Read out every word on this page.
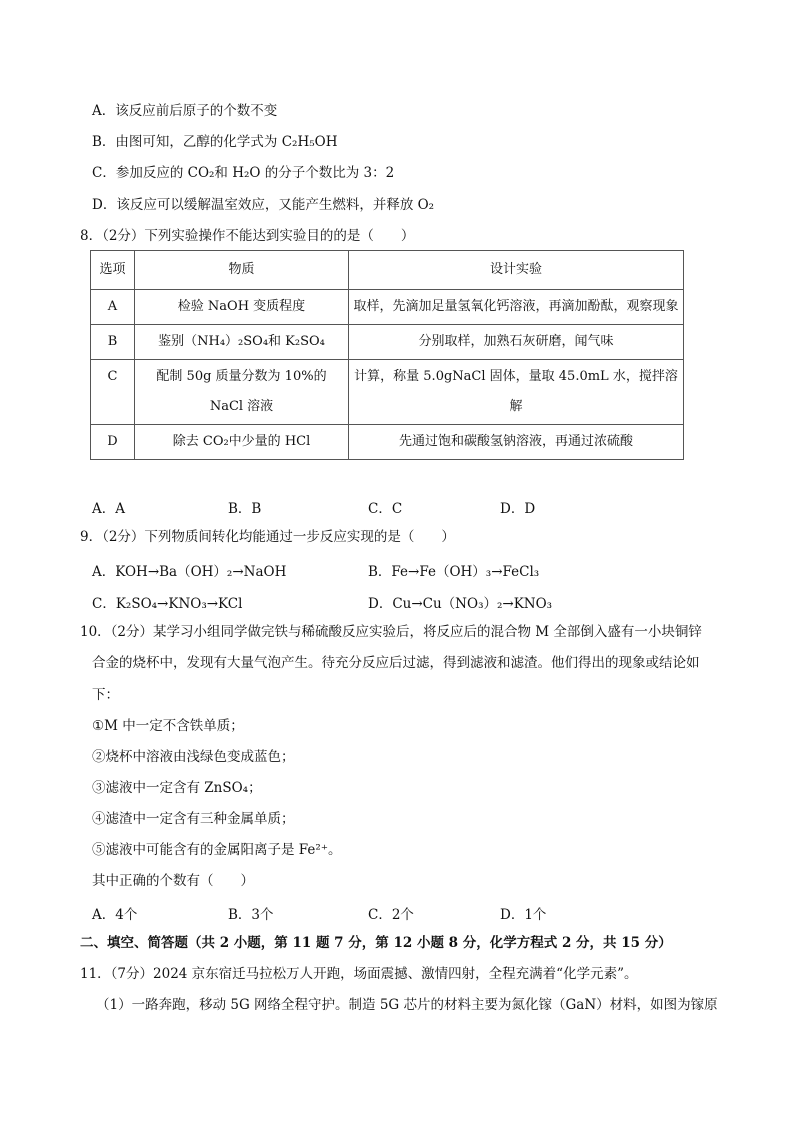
A．该反应前后原子的个数不变
B．由图可知，乙醇的化学式为 C₂H₅OH
C．参加反应的 CO₂和 H₂O 的分子个数比为 3：2
D．该反应可以缓解温室效应，又能产生燃料，并释放 O₂
8．（2分）下列实验操作不能达到实验目的的是（　　）
选项	物质	设计实验
A	检验 NaOH 变质程度	取样，先滴加足量氢氧化钙溶液，再滴加酚酞，观察现象
B	鉴别（NH₄）₂SO₄和 K₂SO₄	分别取样，加熟石灰研磨，闻气味
C	配制 50g 质量分数为 10%的 NaCl 溶液	计算，称量 5.0gNaCl 固体，量取 45.0mL 水，搅拌溶解
D	除去 CO₂中少量的 HCl	先通过饱和碳酸氢钠溶液，再通过浓硫酸
A．A	B．B	C．C	D．D
9．（2分）下列物质间转化均能通过一步反应实现的是（　　）
A．KOH→Ba（OH）₂→NaOH	B．Fe→Fe（OH）₃→FeCl₃
C．K₂SO₄→KNO₃→KCl	D．Cu→Cu（NO₃）₂→KNO₃
10．（2分）某学习小组同学做完铁与稀硫酸反应实验后，将反应后的混合物 M 全部倒入盛有一小块铜锌
合金的烧杯中，发现有大量气泡产生。待充分反应后过滤，得到滤液和滤渣。他们得出的现象或结论如
下：
①M 中一定不含铁单质；
②烧杯中溶液由浅绿色变成蓝色；
③滤液中一定含有 ZnSO₄；
④滤渣中一定含有三种金属单质；
⑤滤液中可能含有的金属阳离子是 Fe²⁺。
其中正确的个数有（　　）
A．4个	B．3个	C．2个	D．1个
二、填空、简答题（共 2 小题，第 11 题 7 分，第 12 小题 8 分，化学方程式 2 分，共 15 分）
11．（7分）2024 京东宿迁马拉松万人开跑，场面震撼、激情四射，全程充满着“化学元素”。
（1）一路奔跑，移动 5G 网络全程守护。制造 5G 芯片的材料主要为氮化镓（GaN）材料，如图为镓原
